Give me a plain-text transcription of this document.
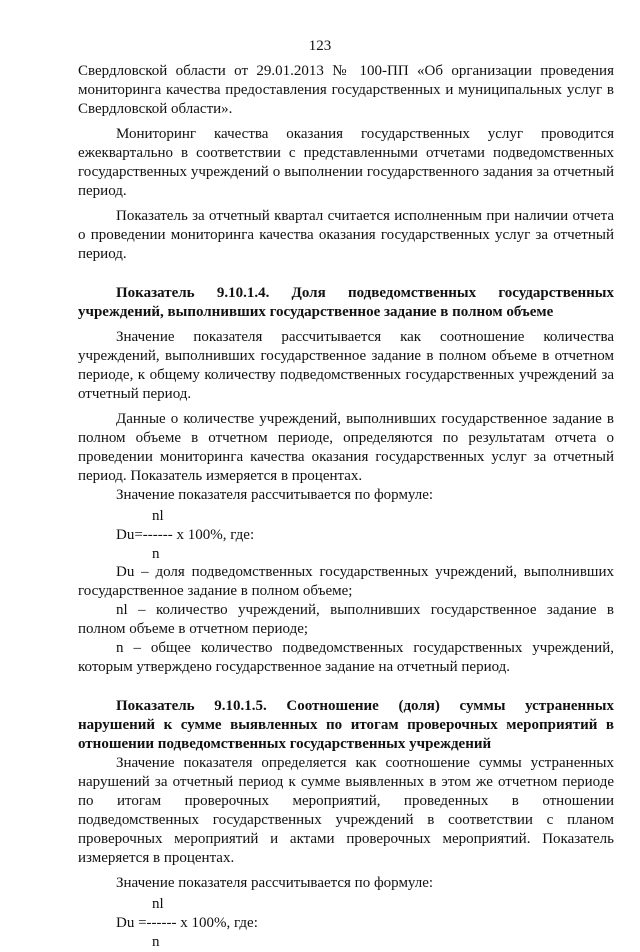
123

Свердловской области от 29.01.2013 № 100-ПП «Об организации проведения мониторинга качества предоставления государственных и муниципальных услуг в Свердловской области».

Мониторинг качества оказания государственных услуг проводится ежеквартально в соответствии с представленными отчетами подведомственных государственных учреждений о выполнении государственного задания за отчетный период.

Показатель за отчетный квартал считается исполненным при наличии отчета о проведении мониторинга качества оказания государственных услуг за отчетный период.

Показатель 9.10.1.4. Доля подведомственных государственных учреждений, выполнивших государственное задание в полном объеме

Значение показателя рассчитывается как соотношение количества учреждений, выполнивших государственное задание в полном объеме в отчетном периоде, к общему количеству подведомственных государственных учреждений за отчетный период.

Данные о количестве учреждений, выполнивших государственное задание в полном объеме в отчетном периоде, определяются по результатам отчета о проведении мониторинга качества оказания государственных услуг за отчетный период. Показатель измеряется в процентах.

Значение показателя рассчитывается по формуле:

nl
Du=------ х 100%, где:
n

Du – доля подведомственных государственных учреждений, выполнивших государственное задание в полном объеме;

nl – количество учреждений, выполнивших государственное задание в полном объеме в отчетном периоде;

n – общее количество подведомственных государственных учреждений, которым утверждено государственное задание на отчетный период.

Показатель 9.10.1.5. Соотношение (доля) суммы устраненных нарушений к сумме выявленных по итогам проверочных мероприятий в отношении подведомственных государственных учреждений

Значение показателя определяется как соотношение суммы устраненных нарушений за отчетный период к сумме выявленных в этом же отчетном периоде по итогам проверочных мероприятий, проведенных в отношении подведомственных государственных учреждений в соответствии с планом проверочных мероприятий и актами проверочных мероприятий. Показатель измеряется в процентах.

Значение показателя рассчитывается по формуле:

nl
Du =------ х 100%, где:
n
